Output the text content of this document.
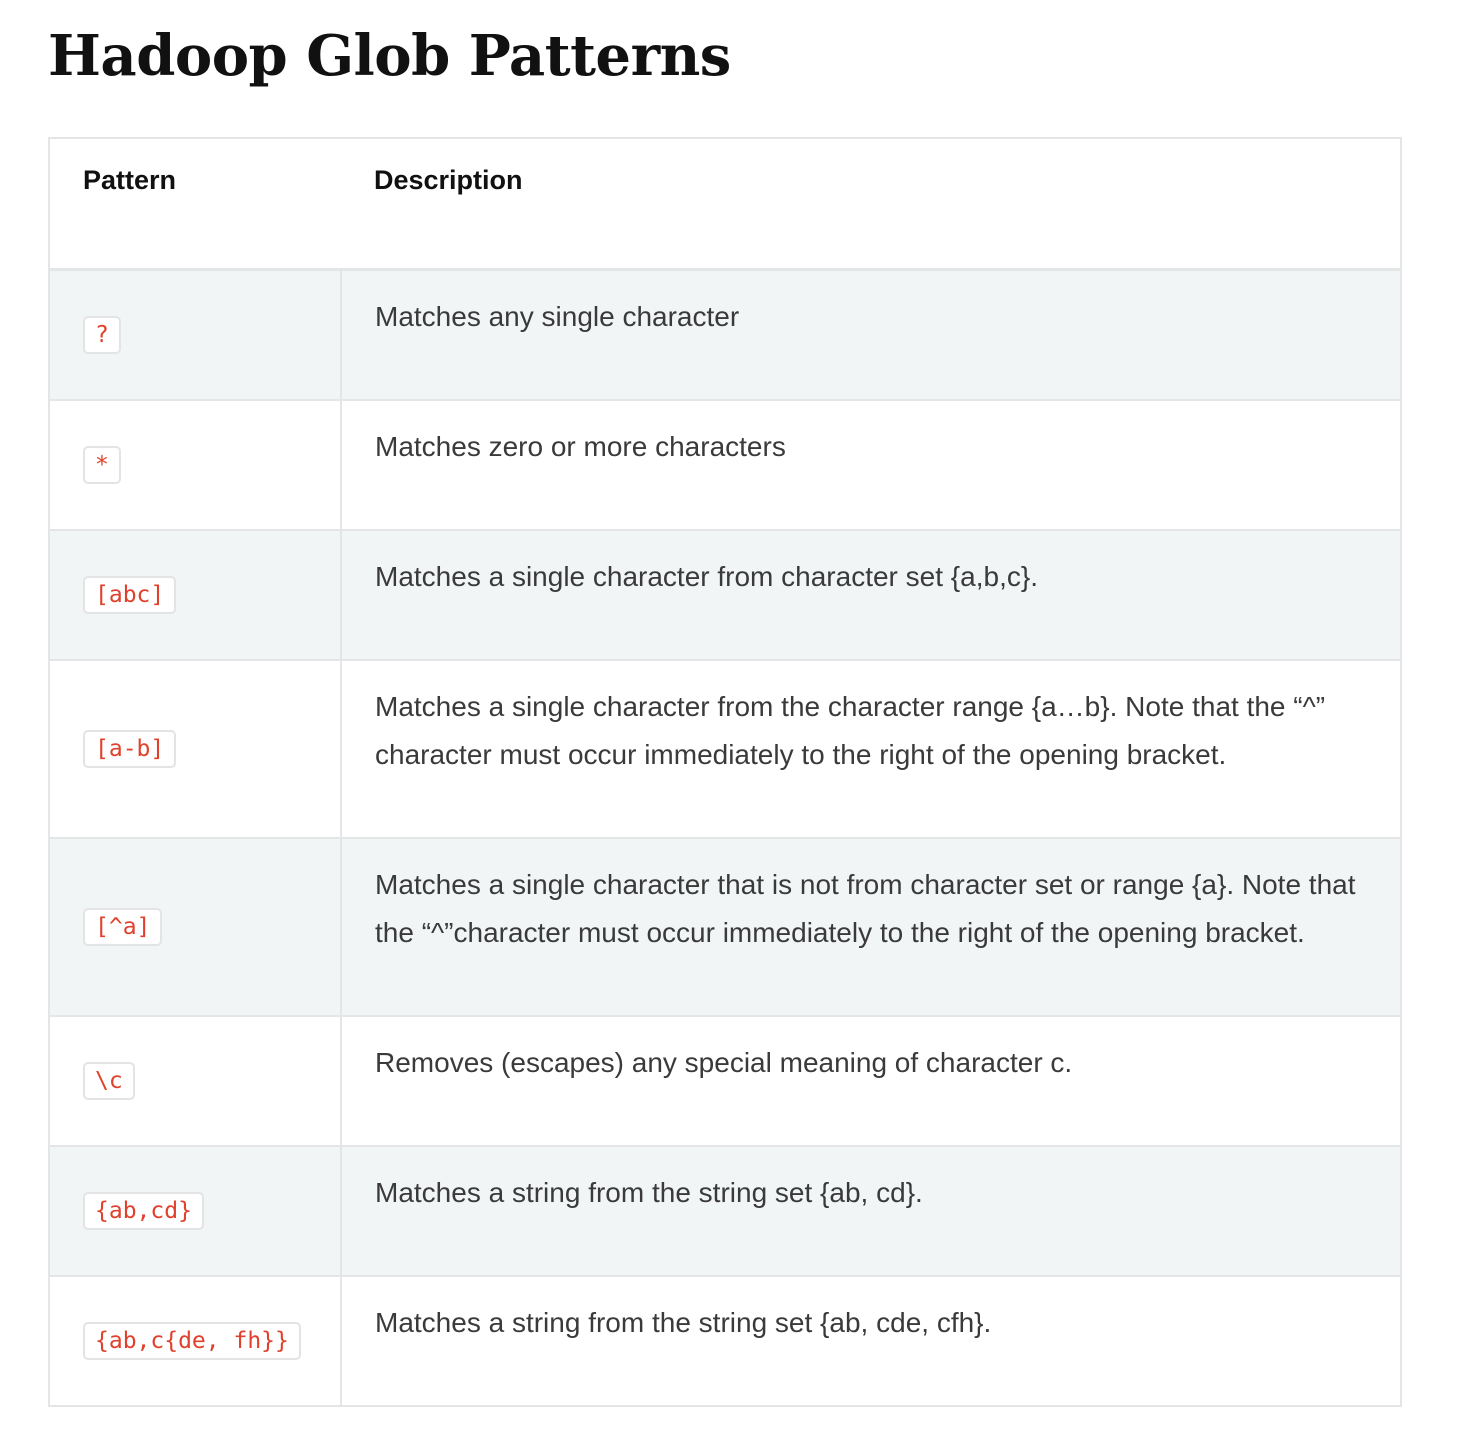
Hadoop Glob Patterns
Pattern	Description
?	Matches any single character
*	Matches zero or more characters
[abc]	Matches a single character from character set {a,b,c}.
[a-b]	Matches a single character from the character range {a…b}. Note that the “^” character must occur immediately to the right of the opening bracket.
[^a]	Matches a single character that is not from character set or range {a}. Note that the “^”character must occur immediately to the right of the opening bracket.
\c	Removes (escapes) any special meaning of character c.
{ab,cd}	Matches a string from the string set {ab, cd}.
{ab,c{de, fh}}	Matches a string from the string set {ab, cde, cfh}.
